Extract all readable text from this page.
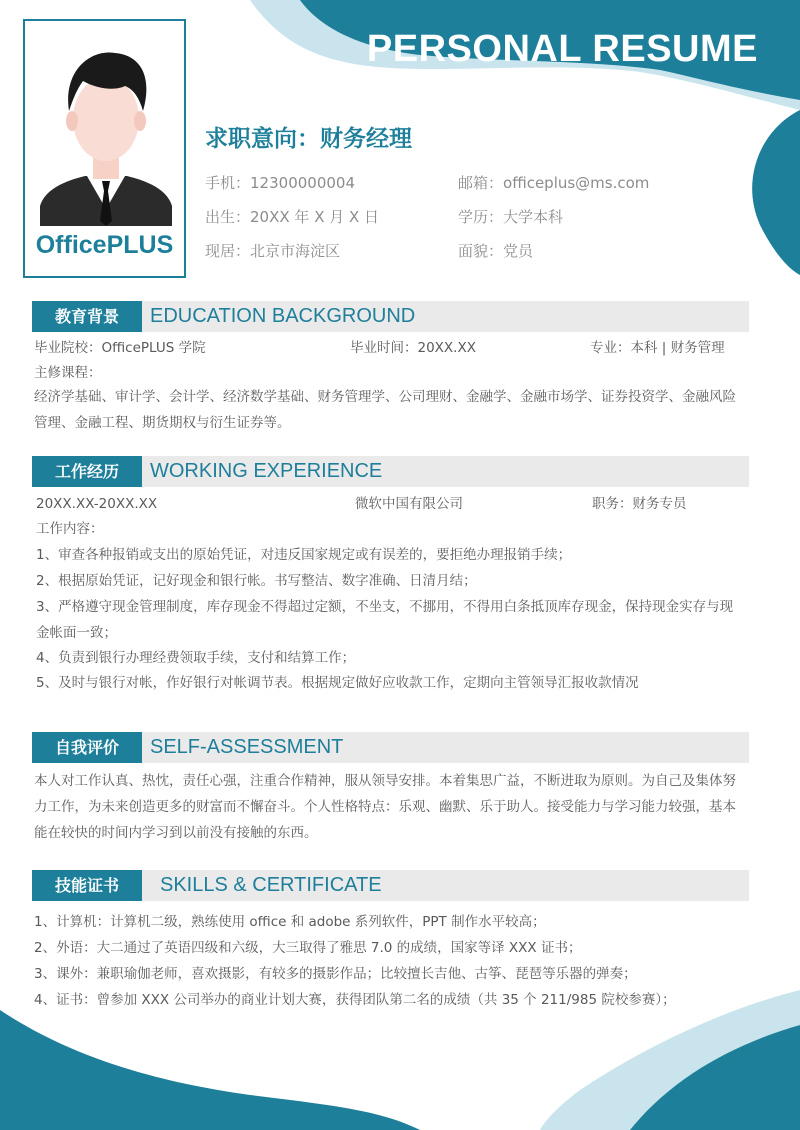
PERSONAL RESUME
OfficePLUS
求职意向：财务经理
手机：12300000004	邮箱：officeplus@ms.com
出生：20XX 年 X 月 X 日	学历：大学本科
现居：北京市海淀区	面貌：党员
教育背景	EDUCATION BACKGROUND
毕业院校：OfficePLUS 学院	毕业时间：20XX.XX	专业：本科 | 财务管理
主修课程：
经济学基础、审计学、会计学、经济数学基础、财务管理学、公司理财、金融学、金融市场学、证券投资学、金融风险管理、金融工程、期货期权与衍生证券等。
工作经历	WORKING EXPERIENCE
20XX.XX-20XX.XX	微软中国有限公司	职务：财务专员
工作内容：
1、审查各种报销或支出的原始凭证，对违反国家规定或有误差的，要拒绝办理报销手续；
2、根据原始凭证，记好现金和银行帐。书写整洁、数字准确、日清月结；
3、严格遵守现金管理制度，库存现金不得超过定额，不坐支，不挪用，不得用白条抵顶库存现金，保持现金实存与现金帐面一致；
4、负责到银行办理经费领取手续，支付和结算工作；
5、及时与银行对帐，作好银行对帐调节表。根据规定做好应收款工作，定期向主管领导汇报收款情况
自我评价	SELF-ASSESSMENT
本人对工作认真、热忱，责任心强，注重合作精神，服从领导安排。本着集思广益，不断进取为原则。为自己及集体努力工作，为未来创造更多的财富而不懈奋斗。个人性格特点：乐观、幽默、乐于助人。接受能力与学习能力较强，基本能在较快的时间内学习到以前没有接触的东西。
技能证书	SKILLS & CERTIFICATE
1、计算机：计算机二级，熟练使用 office 和 adobe 系列软件，PPT 制作水平较高；
2、外语：大二通过了英语四级和六级，大三取得了雅思 7.0 的成绩，国家等译 XXX 证书；
3、课外：兼职瑜伽老师，喜欢摄影，有较多的摄影作品；比较擅长吉他、古筝、琵琶等乐器的弹奏；
4、证书：曾参加 XXX 公司举办的商业计划大赛，获得团队第二名的成绩（共 35 个 211/985 院校参赛）；
